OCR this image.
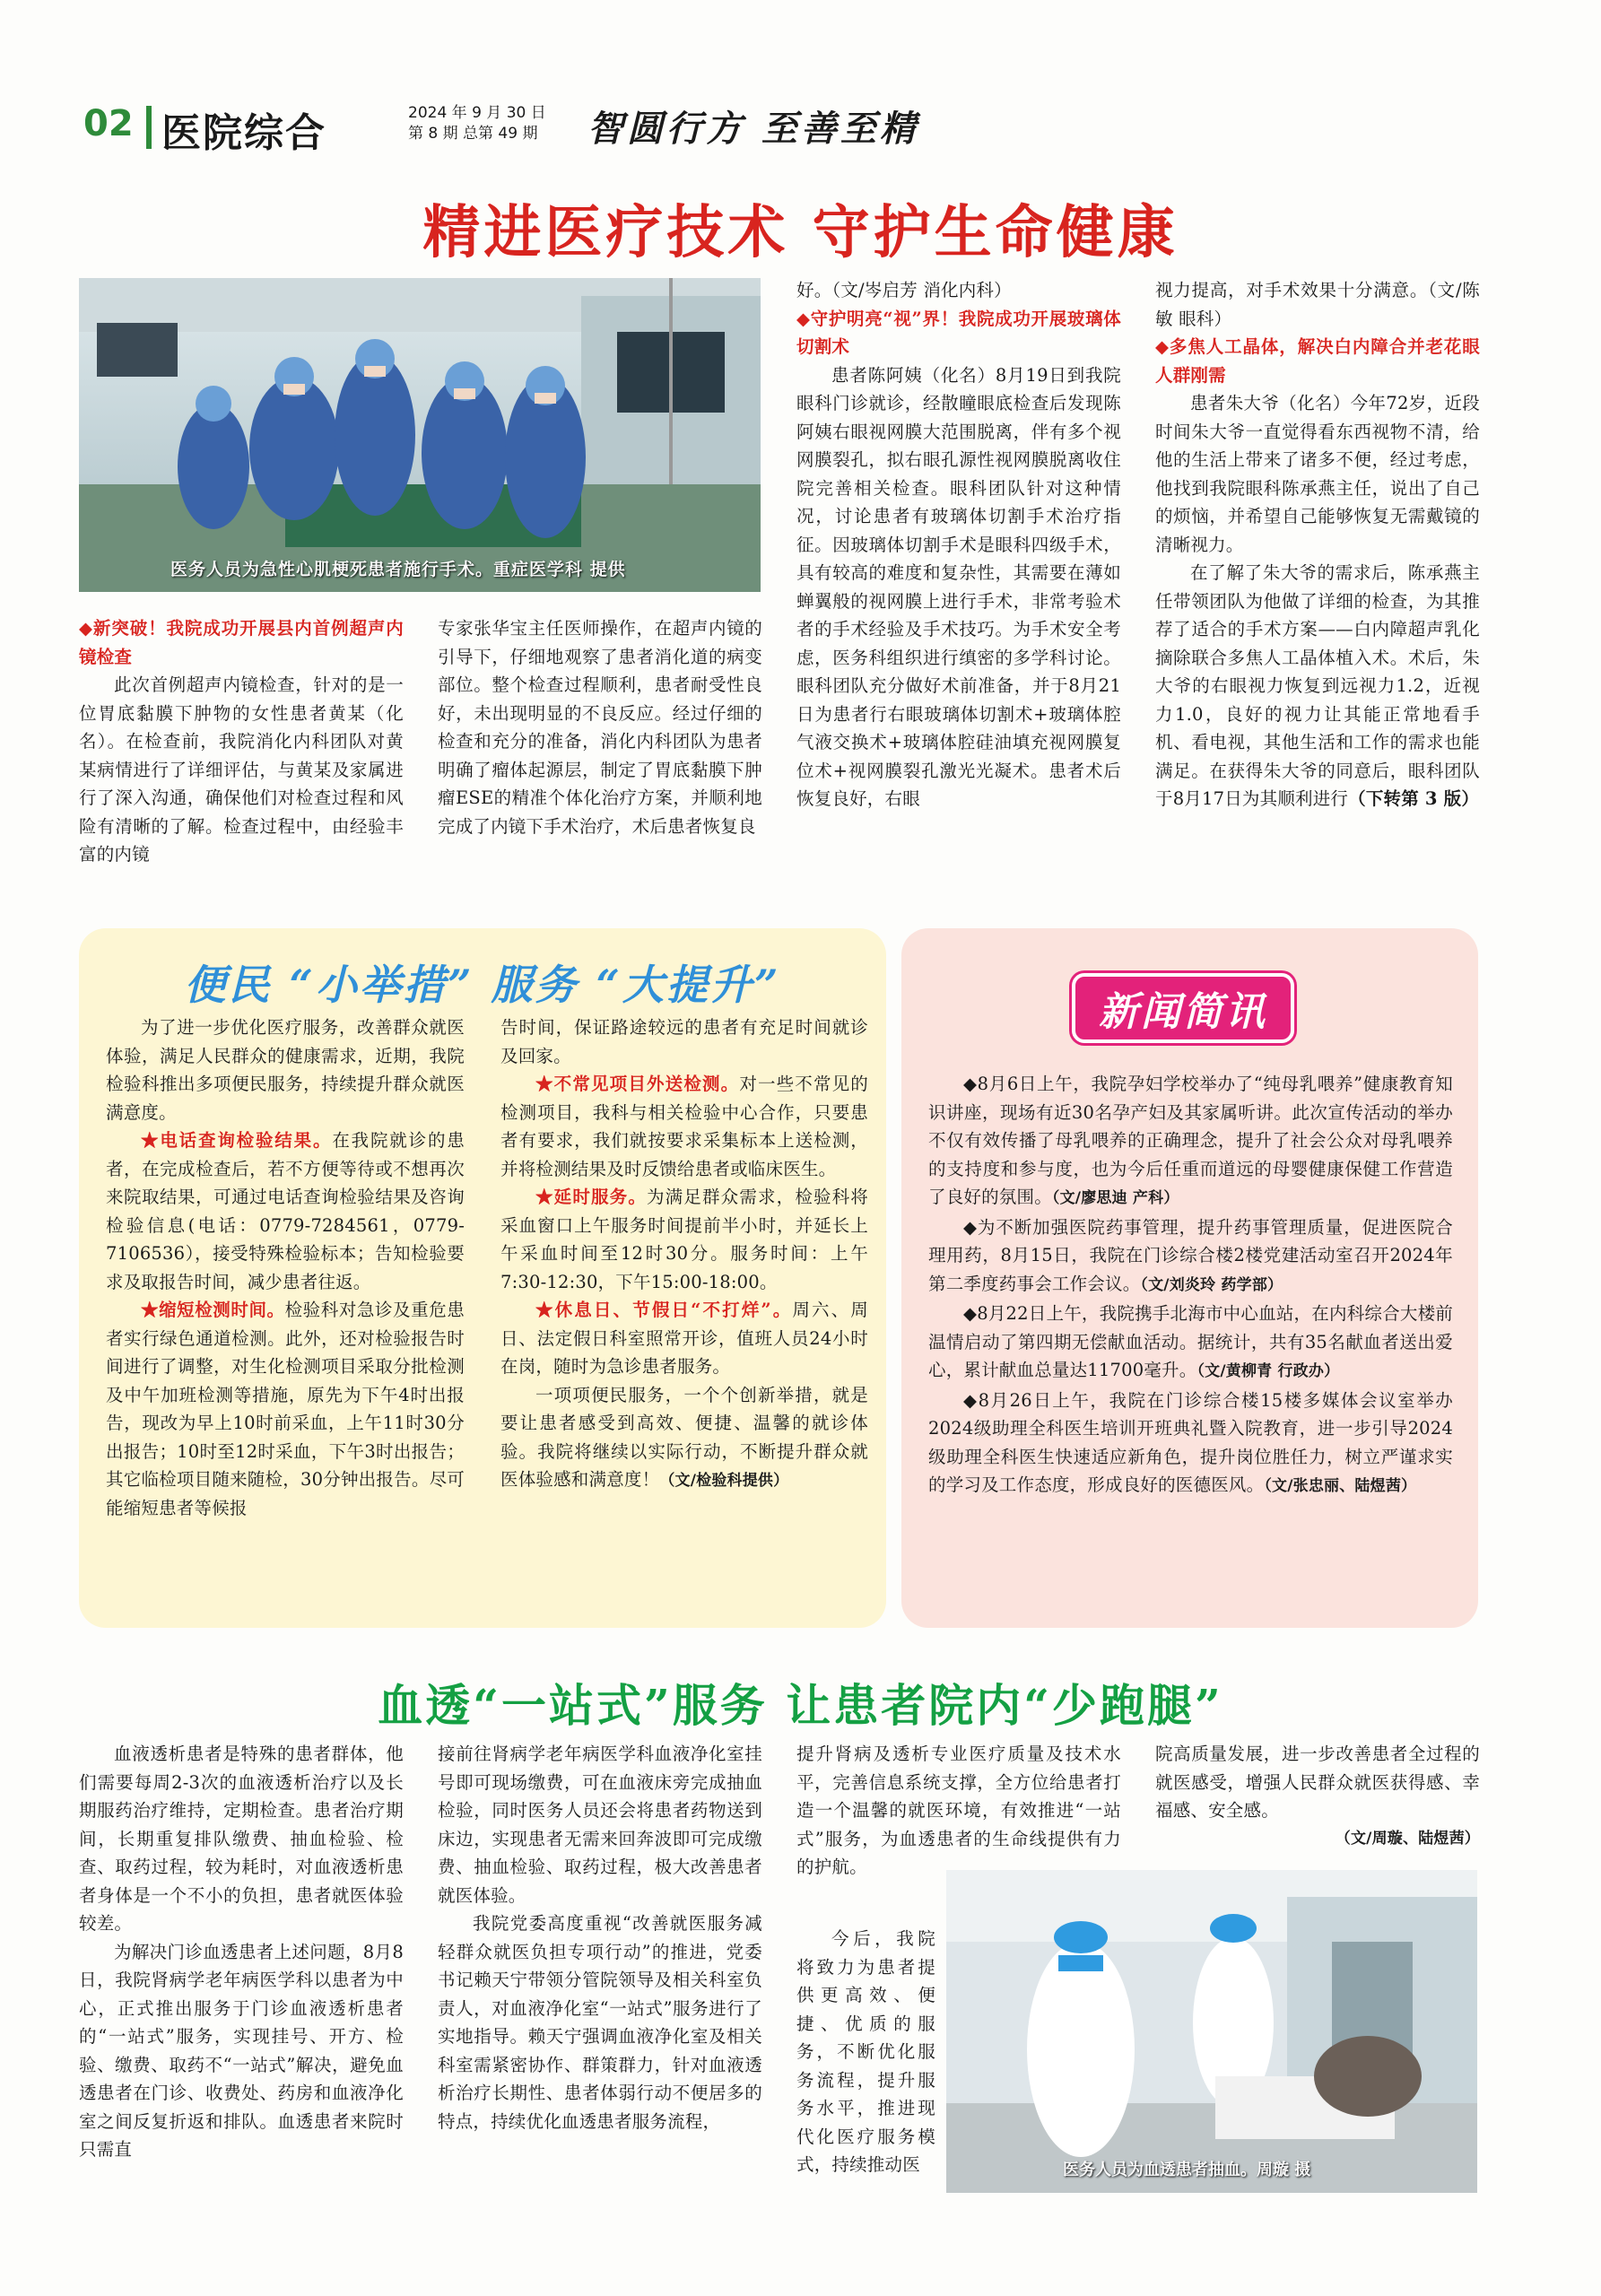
02 医院综合	2024 年 9 月 30 日
第 8 期 总第 49 期 智圆行方 至善至精
精进医疗技术 守护生命健康
医务人员为急性心肌梗死患者施行手术。重症医学科 提供

◆新突破！我院成功开展县内首例超声内镜检查

此次首例超声内镜检查，针对的是一位胃底黏膜下肿物的女性患者黄某（化名）。在检查前，我院消化内科团队对黄某病情进行了详细评估，与黄某及家属进行了深入沟通，确保他们对检查过程和风险有清晰的了解。检查过程中，由经验丰富的内镜

专家张华宝主任医师操作，在超声内镜的引导下，仔细地观察了患者消化道的病变部位。整个检查过程顺利，患者耐受性良好，未出现明显的不良反应。经过仔细的检查和充分的准备，消化内科团队为患者明确了瘤体起源层，制定了胃底黏膜下肿瘤ESE的精准个体化治疗方案，并顺利地完成了内镜下手术治疗，术后患者恢复良

好。（文/岑启芳 消化内科）

◆守护明亮“视”界！我院成功开展玻璃体切割术

患者陈阿姨（化名）8月19日到我院眼科门诊就诊，经散瞳眼底检查后发现陈阿姨右眼视网膜大范围脱离，伴有多个视网膜裂孔，拟右眼孔源性视网膜脱离收住院完善相关检查。眼科团队针对这种情况，讨论患者有玻璃体切割手术治疗指征。因玻璃体切割手术是眼科四级手术，具有较高的难度和复杂性，其需要在薄如蝉翼般的视网膜上进行手术，非常考验术者的手术经验及手术技巧。为手术安全考虑，医务科组织进行缜密的多学科讨论。眼科团队充分做好术前准备，并于8月21日为患者行右眼玻璃体切割术+玻璃体腔气液交换术+玻璃体腔硅油填充视网膜复位术+视网膜裂孔激光光凝术。患者术后恢复良好，右眼

视力提高，对手术效果十分满意。（文/陈敏 眼科）

◆多焦人工晶体，解决白内障合并老花眼人群刚需

患者朱大爷（化名）今年72岁，近段时间朱大爷一直觉得看东西视物不清，给他的生活上带来了诸多不便，经过考虑，他找到我院眼科陈承燕主任，说出了自己的烦恼，并希望自己能够恢复无需戴镜的清晰视力。

在了解了朱大爷的需求后，陈承燕主任带领团队为他做了详细的检查，为其推荐了适合的手术方案——白内障超声乳化摘除联合多焦人工晶体植入术。术后，朱大爷的右眼视力恢复到远视力1.2，近视力1.0，良好的视力让其能正常地看手机、看电视，其他生活和工作的需求也能满足。在获得朱大爷的同意后，眼科团队于8月17日为其顺利进行（下转第 3 版）

便民 “小举措” 服务 “大提升”

为了进一步优化医疗服务，改善群众就医体验，满足人民群众的健康需求，近期，我院检验科推出多项便民服务，持续提升群众就医满意度。

★电话查询检验结果。在我院就诊的患者，在完成检查后，若不方便等待或不想再次来院取结果，可通过电话查询检验结果及咨询检验信息(电话：0779-7284561，0779-7106536），接受特殊检验标本；告知检验要求及取报告时间，减少患者往返。

★缩短检测时间。检验科对急诊及重危患者实行绿色通道检测。此外，还对检验报告时间进行了调整，对生化检测项目采取分批检测及中午加班检测等措施，原先为下午4时出报告，现改为早上10时前采血，上午11时30分出报告；10时至12时采血，下午3时出报告；其它临检项目随来随检，30分钟出报告。尽可能缩短患者等候报

告时间，保证路途较远的患者有充足时间就诊及回家。

★不常见项目外送检测。对一些不常见的检测项目，我科与相关检验中心合作，只要患者有要求，我们就按要求采集标本上送检测，并将检测结果及时反馈给患者或临床医生。

★延时服务。为满足群众需求，检验科将采血窗口上午服务时间提前半小时，并延长上午采血时间至12时30分。服务时间：上午7:30-12:30，下午15:00-18:00。

★休息日、节假日“不打烊”。周六、周日、法定假日科室照常开诊，值班人员24小时在岗，随时为急诊患者服务。

一项项便民服务，一个个创新举措，就是要让患者感受到高效、便捷、温馨的就诊体验。我院将继续以实际行动，不断提升群众就医体验感和满意度！（文/检验科提供）

新闻简讯

◆8月6日上午，我院孕妇学校举办了“纯母乳喂养”健康教育知识讲座，现场有近30名孕产妇及其家属听讲。此次宣传活动的举办不仅有效传播了母乳喂养的正确理念，提升了社会公众对母乳喂养的支持度和参与度，也为今后任重而道远的母婴健康保健工作营造了良好的氛围。（文/廖思迪 产科）

◆为不断加强医院药事管理，提升药事管理质量，促进医院合理用药，8月15日，我院在门诊综合楼2楼党建活动室召开2024年第二季度药事会工作会议。（文/刘炎玲 药学部）

◆8月22日上午，我院携手北海市中心血站，在内科综合大楼前温情启动了第四期无偿献血活动。据统计，共有35名献血者送出爱心，累计献血总量达11700毫升。（文/黄柳青 行政办）

◆8月26日上午，我院在门诊综合楼15楼多媒体会议室举办2024级助理全科医生培训开班典礼暨入院教育，进一步引导2024级助理全科医生快速适应新角色，提升岗位胜任力，树立严谨求实的学习及工作态度，形成良好的医德医风。（文/张忠丽、陆煜茜）

血透“一站式”服务 让患者院内“少跑腿”

血液透析患者是特殊的患者群体，他们需要每周2-3次的血液透析治疗以及长期服药治疗维持，定期检查。患者治疗期间，长期重复排队缴费、抽血检验、检查、取药过程，较为耗时，对血液透析患者身体是一个不小的负担，患者就医体验较差。

为解决门诊血透患者上述问题，8月8日，我院肾病学老年病医学科以患者为中心，正式推出服务于门诊血液透析患者的“一站式”服务，实现挂号、开方、检验、缴费、取药不“一站式”解决，避免血透患者在门诊、收费处、药房和血液净化室之间反复折返和排队。血透患者来院时只需直

接前往肾病学老年病医学科血液净化室挂号即可现场缴费，可在血液床旁完成抽血检验，同时医务人员还会将患者药物送到床边，实现患者无需来回奔波即可完成缴费、抽血检验、取药过程，极大改善患者就医体验。

我院党委高度重视“改善就医服务减轻群众就医负担专项行动”的推进，党委书记赖天宁带领分管院领导及相关科室负责人，对血液净化室“一站式”服务进行了实地指导。赖天宁强调血液净化室及相关科室需紧密协作、群策群力，针对血液透析治疗长期性、患者体弱行动不便居多的特点，持续优化血透患者服务流程，

提升肾病及透析专业医疗质量及技术水平，完善信息系统支撑，全方位给患者打造一个温馨的就医环境，有效推进“一站式”服务，为血透患者的生命线提供有力的护航。

今后，我院将致力为患者提供更高效、便捷、优质的服务，不断优化服务流程，提升服务水平，推进现代化医疗服务模式，持续推动医

院高质量发展，进一步改善患者全过程的就医感受，增强人民群众就医获得感、幸福感、安全感。

（文/周璇、陆煜茜）

医务人员为血透患者抽血。周璇 摄
